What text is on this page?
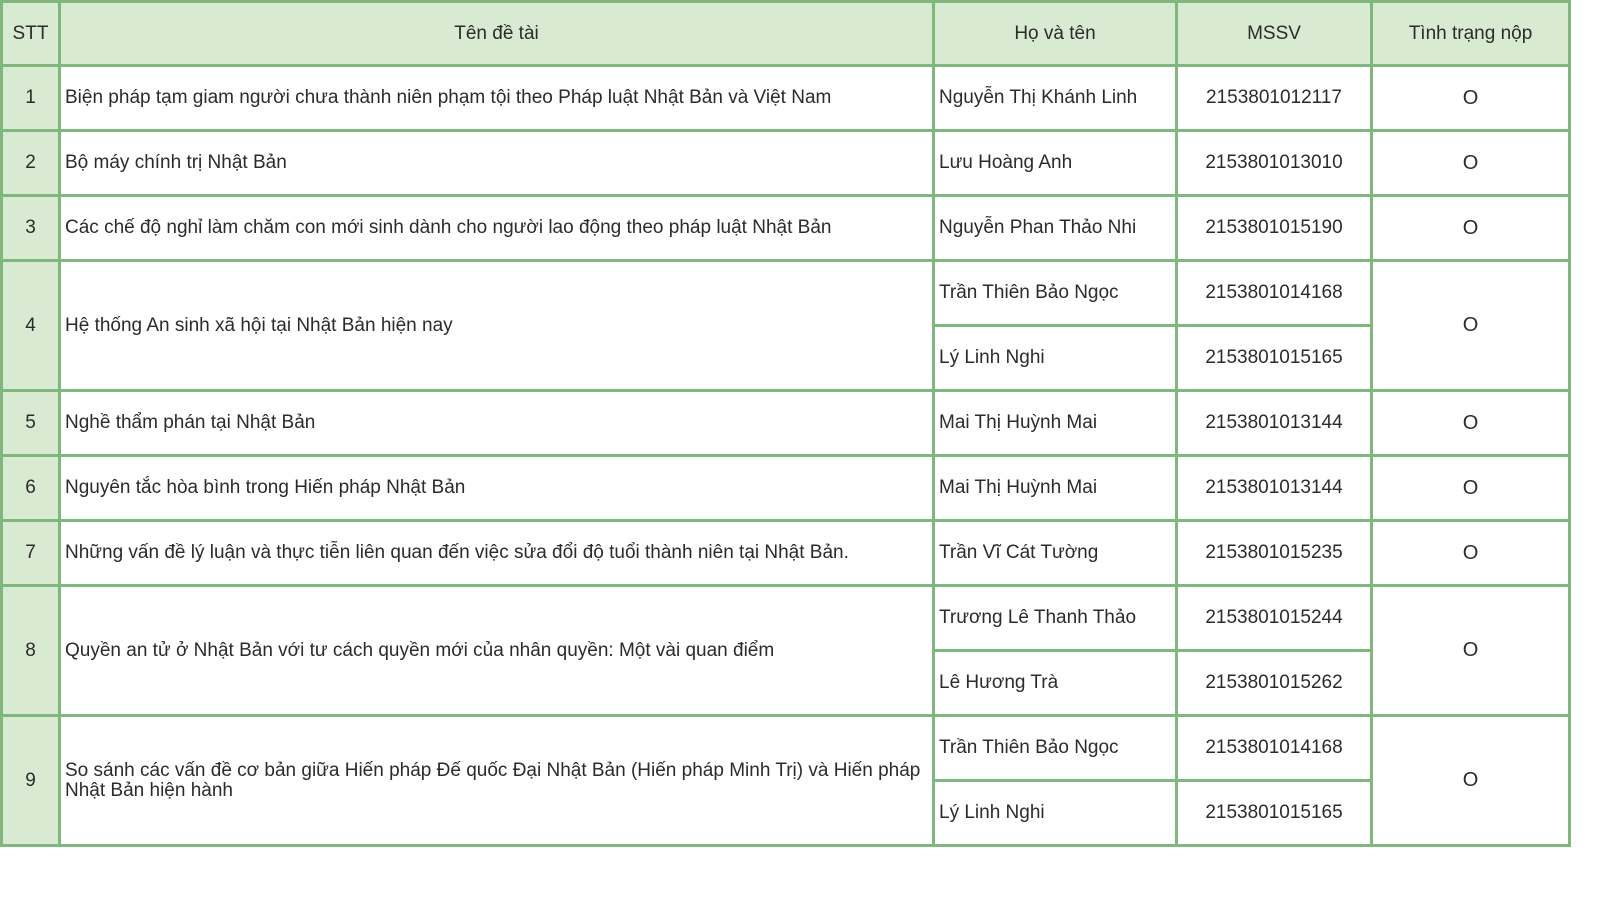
STT	Tên đề tài	Họ và tên	MSSV	Tình trạng nộp
1	Biện pháp tạm giam người chưa thành niên phạm tội theo Pháp luật Nhật Bản và Việt Nam	Nguyễn Thị Khánh Linh	2153801012117	O
2	Bộ máy chính trị Nhật Bản	Lưu Hoàng Anh	2153801013010	O
3	Các chế độ nghỉ làm chăm con mới sinh dành cho người lao động theo pháp luật Nhật Bản	Nguyễn Phan Thảo Nhi	2153801015190	O
4	Hệ thống An sinh xã hội tại Nhật Bản hiện nay	Trần Thiên Bảo Ngọc	2153801014168	O
		Lý Linh Nghi	2153801015165	
5	Nghề thẩm phán tại Nhật Bản	Mai Thị Huỳnh Mai	2153801013144	O
6	Nguyên tắc hòa bình trong Hiến pháp Nhật Bản	Mai Thị Huỳnh Mai	2153801013144	O
7	Những vấn đề lý luận và thực tiễn liên quan đến việc sửa đổi độ tuổi thành niên tại Nhật Bản.	Trần Vĩ Cát Tường	2153801015235	O
8	Quyền an tử ở Nhật Bản với tư cách quyền mới của nhân quyền: Một vài quan điểm	Trương Lê Thanh Thảo	2153801015244	O
		Lê Hương Trà	2153801015262	
9	So sánh các vấn đề cơ bản giữa Hiến pháp Đế quốc Đại Nhật Bản (Hiến pháp Minh Trị) và Hiến pháp Nhật Bản hiện hành	Trần Thiên Bảo Ngọc	2153801014168	O
		Lý Linh Nghi	2153801015165	
